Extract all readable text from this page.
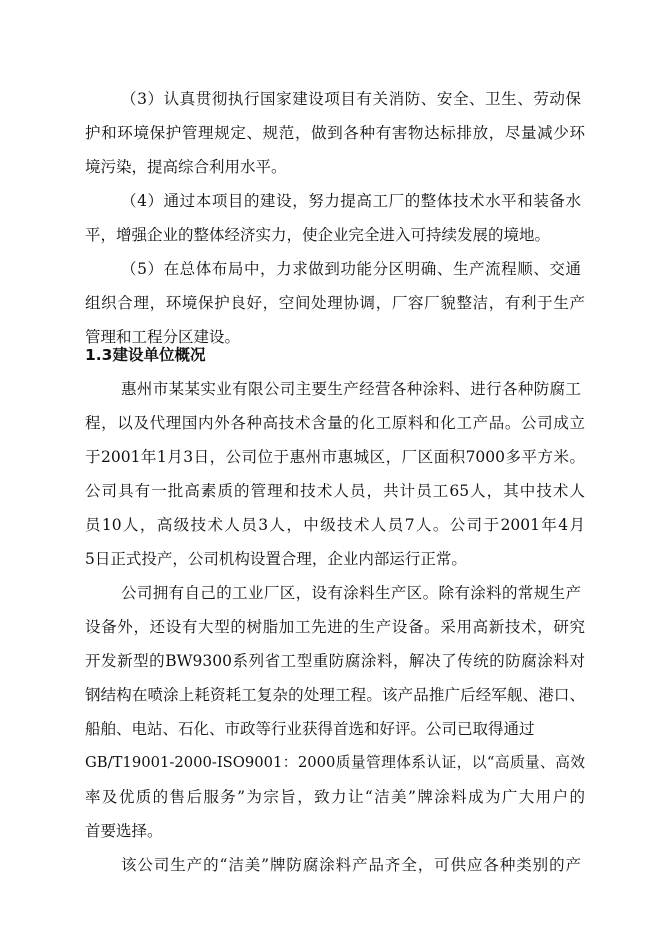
（3）认真贯彻执行国家建设项目有关消防、安全、卫生、劳动保
护和环境保护管理规定、规范，做到各种有害物达标排放，尽量减少环
境污染，提高综合利用水平。
（4）通过本项目的建设，努力提高工厂的整体技术水平和装备水
平，增强企业的整体经济实力，使企业完全进入可持续发展的境地。
（5）在总体布局中，力求做到功能分区明确、生产流程顺、交通
组织合理，环境保护良好，空间处理协调，厂容厂貌整洁，有利于生产
管理和工程分区建设。
1.3建设单位概况
惠州市某某实业有限公司主要生产经营各种涂料、进行各种防腐工
程，以及代理国内外各种高技术含量的化工原料和化工产品。公司成立
于2001年1月3日，公司位于惠州市惠城区，厂区面积7000多平方米。
公司具有一批高素质的管理和技术人员，共计员工65人，其中技术人
员10人，高级技术人员3人，中级技术人员7人。公司于2001年4月
5日正式投产，公司机构设置合理，企业内部运行正常。
公司拥有自己的工业厂区，设有涂料生产区。除有涂料的常规生产
设备外，还设有大型的树脂加工先进的生产设备。采用高新技术，研究
开发新型的BW9300系列省工型重防腐涂料，解决了传统的防腐涂料对
钢结构在喷涂上耗资耗工复杂的处理工程。该产品推广后经军舰、港口、
船舶、电站、石化、市政等行业获得首选和好评。公司已取得通过
GB/T19001-2000-ISO9001：2000质量管理体系认证，以“高质量、高效
率及优质的售后服务”为宗旨，致力让“洁美”牌涂料成为广大用户的
首要选择。
该公司生产的“洁美”牌防腐涂料产品齐全，可供应各种类别的产
